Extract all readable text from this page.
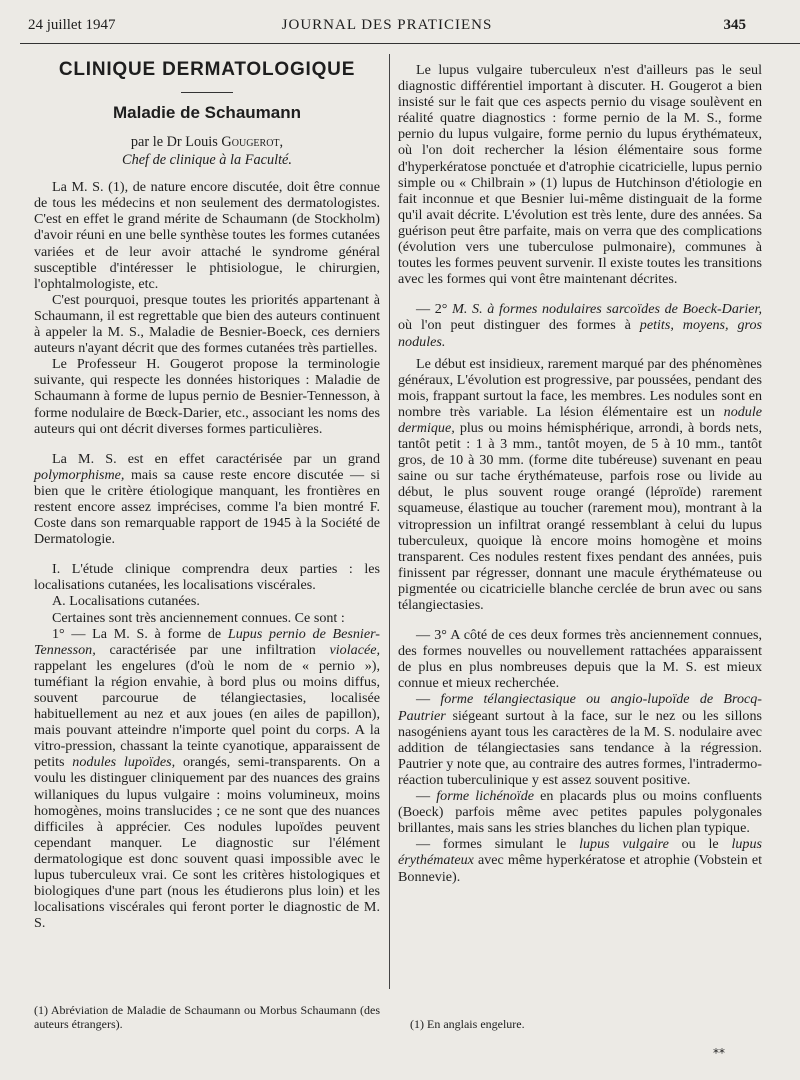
24 juillet 1947	JOURNAL DES PRATICIENS	345
CLINIQUE DERMATOLOGIQUE
Maladie de Schaumann
par le Dr Louis Gougerot,
Chef de clinique à la Faculté.

La M. S. (1), de nature encore discutée, doit être connue de tous les médecins et non seulement des dermatologistes. C'est en effet le grand mérite de Schaumann (de Stockholm) d'avoir réuni en une belle synthèse toutes les formes cutanées variées et de leur avoir attaché le syndrome général susceptible d'intéresser le phtisiologue, le chirurgien, l'ophtalmologiste, etc.

C'est pourquoi, presque toutes les priorités appartenant à Schaumann, il est regrettable que bien des auteurs continuent à appeler la M. S., Maladie de Besnier-Boeck, ces derniers auteurs n'ayant décrit que des formes cutanées très partielles.

Le Professeur H. Gougerot propose la terminologie suivante, qui respecte les données historiques : Maladie de Schaumann à forme de lupus pernio de Besnier-Tennesson, à forme nodulaire de Bœck-Darier, etc., associant les noms des auteurs qui ont décrit diverses formes particulières.

La M. S. est en effet caractérisée par un grand polymorphisme, mais sa cause reste encore discutée — si bien que le critère étiologique manquant, les frontières en restent encore assez imprécises, comme l'a bien montré F. Coste dans son remarquable rapport de 1945 à la Société de Dermatologie.

I. L'étude clinique comprendra deux parties : les localisations cutanées, les localisations viscérales.

A. Localisations cutanées.

Certaines sont très anciennement connues. Ce sont :

1° — La M. S. à forme de Lupus pernio de Besnier-Tennesson, caractérisée par une infiltration violacée, rappelant les engelures (d'où le nom de « pernio »), tuméfiant la région envahie, à bord plus ou moins diffus, souvent parcourue de télangiectasies, localisée habituellement au nez et aux joues (en ailes de papillon), mais pouvant atteindre n'importe quel point du corps. A la vitro-pression, chassant la teinte cyanotique, apparaissent de petits nodules lupoïdes, orangés, semi-transparents. On a voulu les distinguer cliniquement par des nuances des grains willaniques du lupus vulgaire : moins volumineux, moins homogènes, moins translucides ; ce ne sont que des nuances difficiles à apprécier. Ces nodules lupoïdes peuvent cependant manquer. Le diagnostic sur l'élément dermatologique est donc souvent quasi impossible avec le lupus tuberculeux vrai. Ce sont les critères histologiques et biologiques d'une part (nous les étudierons plus loin) et les localisations viscérales qui feront porter le diagnostic de M. S.

(1) Abréviation de Maladie de Schaumann ou Morbus Schaumann (des auteurs étrangers).

Le lupus vulgaire tuberculeux n'est d'ailleurs pas le seul diagnostic différentiel important à discuter. H. Gougerot a bien insisté sur le fait que ces aspects pernio du visage soulèvent en réalité quatre diagnostics : forme pernio de la M. S., forme pernio du lupus vulgaire, forme pernio du lupus érythémateux, où l'on doit rechercher la lésion élémentaire sous forme d'hyperkératose ponctuée et d'atrophie cicatricielle, lupus pernio simple ou « Chilbrain » (1) lupus de Hutchinson d'étiologie en fait inconnue et que Besnier lui-même distinguait de la forme qu'il avait décrite. L'évolution est très lente, dure des années. Sa guérison peut être parfaite, mais on verra que des complications (évolution vers une tuberculose pulmonaire), communes à toutes les formes peuvent survenir. Il existe toutes les transitions avec les formes qui vont être maintenant décrites.

— 2° M. S. à formes nodulaires sarcoïdes de Boeck-Darier, où l'on peut distinguer des formes à petits, moyens, gros nodules.

Le début est insidieux, rarement marqué par des phénomènes généraux, L'évolution est progressive, par poussées, pendant des mois, frappant surtout la face, les membres. Les nodules sont en nombre très variable. La lésion élémentaire est un nodule dermique, plus ou moins hémisphérique, arrondi, à bords nets, tantôt petit : 1 à 3 mm., tantôt moyen, de 5 à 10 mm., tantôt gros, de 10 à 30 mm. (forme dite tubéreuse) suvenant en peau saine ou sur tache érythémateuse, parfois rose ou livide au début, le plus souvent rouge orangé (léproïde) rarement squameuse, élastique au toucher (rarement mou), montrant à la vitropression un infiltrat orangé ressemblant à celui du lupus tuberculeux, quoique là encore moins homogène et moins transparent. Ces nodules restent fixes pendant des années, puis finissent par régresser, donnant une macule érythémateuse ou pigmentée ou cicatricielle blanche cerclée de brun avec ou sans télangiectasies.

— 3° A côté de ces deux formes très anciennement connues, des formes nouvelles ou nouvellement rattachées apparaissent de plus en plus nombreuses depuis que la M. S. est mieux connue et mieux recherchée.

— forme télangiectasique ou angio-lupoïde de Brocq-Pautrier siégeant surtout à la face, sur le nez ou les sillons nasogéniens ayant tous les caractères de la M. S. nodulaire avec addition de télangiectasies sans tendance à la régression. Pautrier y note que, au contraire des autres formes, l'intradermo-réaction tuberculinique y est assez souvent positive.

— forme lichénoïde en placards plus ou moins confluents (Boeck) parfois même avec petites papules polygonales brillantes, mais sans les stries blanches du lichen plan typique.

— formes simulant le lupus vulgaire ou le lupus érythémateux avec même hyperkératose et atrophie (Vobstein et Bonnevie).

(1) En anglais engelure.
**
